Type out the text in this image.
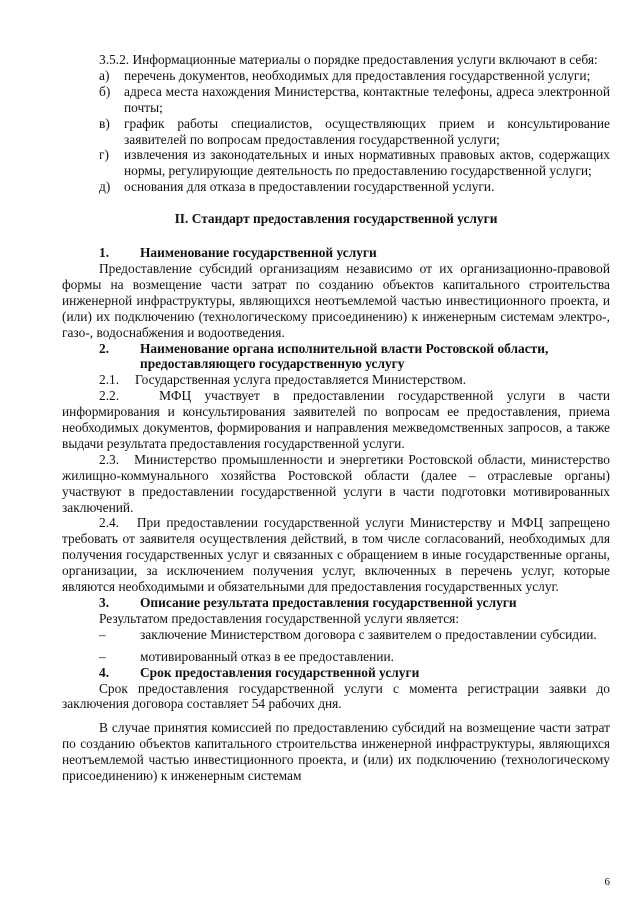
3.5.2. Информационные материалы о порядке предоставления услуги включают в себя:

а)	перечень документов, необходимых для предоставления государственной услуги;

б)	адреса места нахождения Министерства, контактные телефоны, адреса электронной почты;

в)	график работы специалистов, осуществляющих прием и консультирование заявителей по вопросам предоставления государственной услуги;

г)	извлечения из законодательных и иных нормативных правовых актов, содержащих нормы, регулирующие деятельность по предоставлению государственной услуги;

д)	основания для отказа в предоставлении государственной услуги.

II. Стандарт предоставления государственной услуги
1.	Наименование государственной услуги

Предоставление субсидий организациям независимо от их организационно-правовой формы на возмещение части затрат по созданию объектов капитального строительства инженерной инфраструктуры, являющихся неотъемлемой частью инвестиционного проекта, и (или) их подключению (технологическому присоединению) к инженерным системам электро-, газо-, водоснабжения и водоотведения.

2.	Наименование органа исполнительной власти Ростовской области, предоставляющего государственную услугу
2.1.	Государственная услуга предоставляется Министерством.

2.2.	МФЦ участвует в предоставлении государственной услуги в части информирования и консультирования заявителей по вопросам ее предоставления, приема необходимых документов, формирования и направления межведомственных запросов, а также выдачи результата предоставления государственной услуги.

2.3. Министерство промышленности и энергетики Ростовской области, министерство жилищно-коммунального хозяйства Ростовской области (далее – отраслевые органы) участвуют в предоставлении государственной услуги в части подготовки мотивированных заключений.

2.4. При предоставлении государственной услуги Министерству и МФЦ запрещено требовать от заявителя осуществления действий, в том числе согласований, необходимых для получения государственных услуг и связанных с обращением в иные государственные органы, организации, за исключением получения услуг, включенных в перечень услуг, которые являются необходимыми и обязательными для предоставления государственных услуг.

3.	Описание результата предоставления государственной услуги

Результатом предоставления государственной услуги является:

–	заключение Министерством договора с заявителем о предоставлении субсидии.

–	мотивированный отказ в ее предоставлении.

4.	Срок предоставления государственной услуги

Срок предоставления государственной услуги с момента регистрации заявки до заключения договора составляет 54 рабочих дня.

В случае принятия комиссией по предоставлению субсидий на возмещение части затрат по созданию объектов капитального строительства инженерной инфраструктуры, являющихся неотъемлемой частью инвестиционного проекта, и (или) их подключению (технологическому присоединению) к инженерным системам

6
